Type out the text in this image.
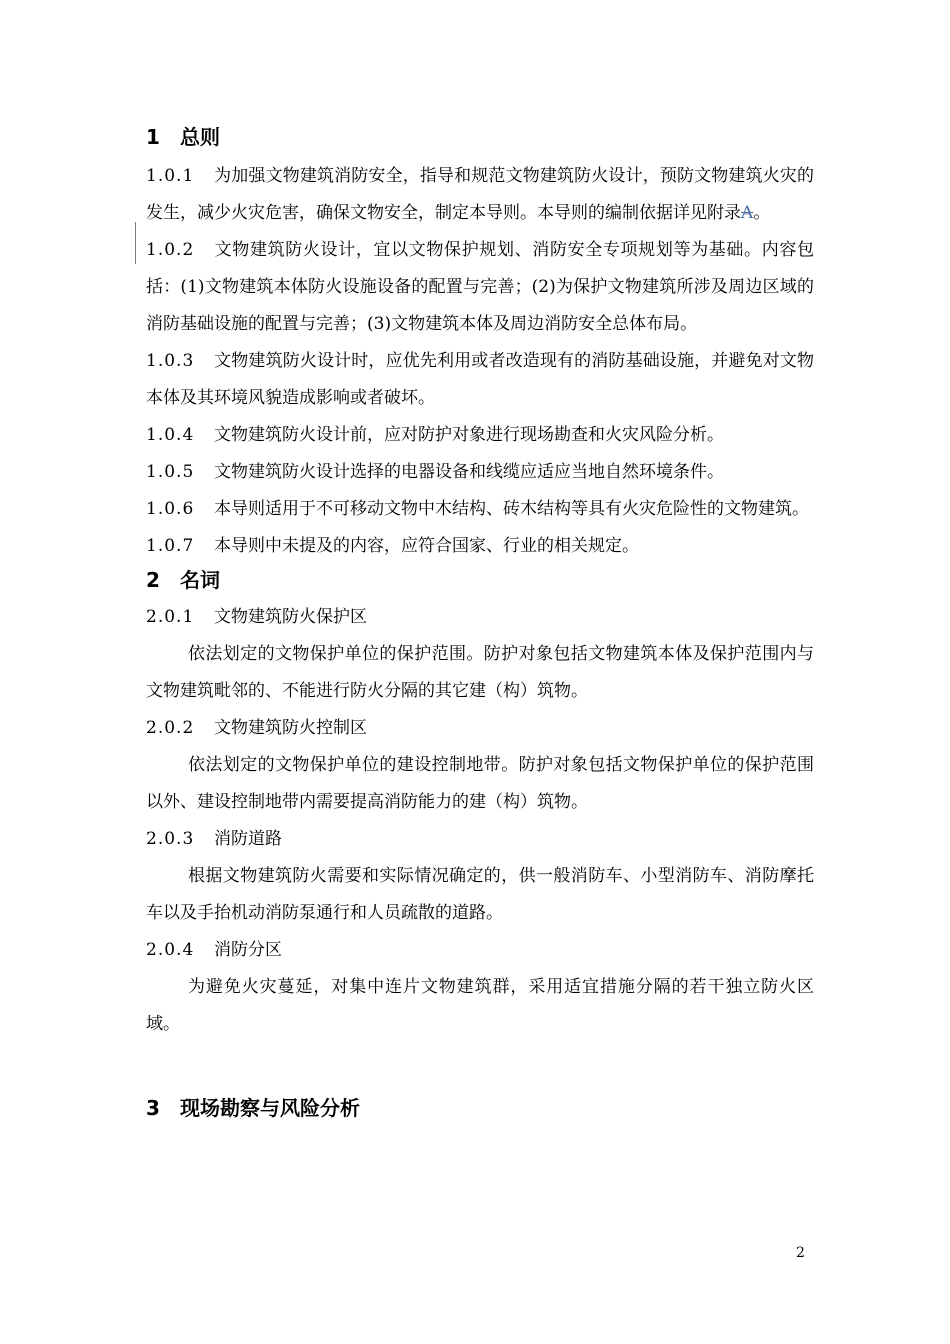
1 总则

1.0.1 为加强文物建筑消防安全，指导和规范文物建筑防火设计，预防文物建筑火灾的发生，减少火灾危害，确保文物安全，制定本导则。本导则的编制依据详见附录A。

1.0.2 文物建筑防火设计，宜以文物保护规划、消防安全专项规划等为基础。内容包括：(1)文物建筑本体防火设施设备的配置与完善；(2)为保护文物建筑所涉及周边区域的消防基础设施的配置与完善；(3)文物建筑本体及周边消防安全总体布局。

1.0.3 文物建筑防火设计时，应优先利用或者改造现有的消防基础设施，并避免对文物本体及其环境风貌造成影响或者破坏。

1.0.4 文物建筑防火设计前，应对防护对象进行现场勘查和火灾风险分析。

1.0.5 文物建筑防火设计选择的电器设备和线缆应适应当地自然环境条件。

1.0.6 本导则适用于不可移动文物中木结构、砖木结构等具有火灾危险性的文物建筑。

1.0.7 本导则中未提及的内容，应符合国家、行业的相关规定。

2 名词

2.0.1 文物建筑防火保护区

依法划定的文物保护单位的保护范围。防护对象包括文物建筑本体及保护范围内与文物建筑毗邻的、不能进行防火分隔的其它建（构）筑物。

2.0.2 文物建筑防火控制区

依法划定的文物保护单位的建设控制地带。防护对象包括文物保护单位的保护范围以外、建设控制地带内需要提高消防能力的建（构）筑物。

2.0.3 消防道路

根据文物建筑防火需要和实际情况确定的，供一般消防车、小型消防车、消防摩托车以及手抬机动消防泵通行和人员疏散的道路。

2.0.4 消防分区

为避免火灾蔓延，对集中连片文物建筑群，采用适宜措施分隔的若干独立防火区域。

3 现场勘察与风险分析
2
